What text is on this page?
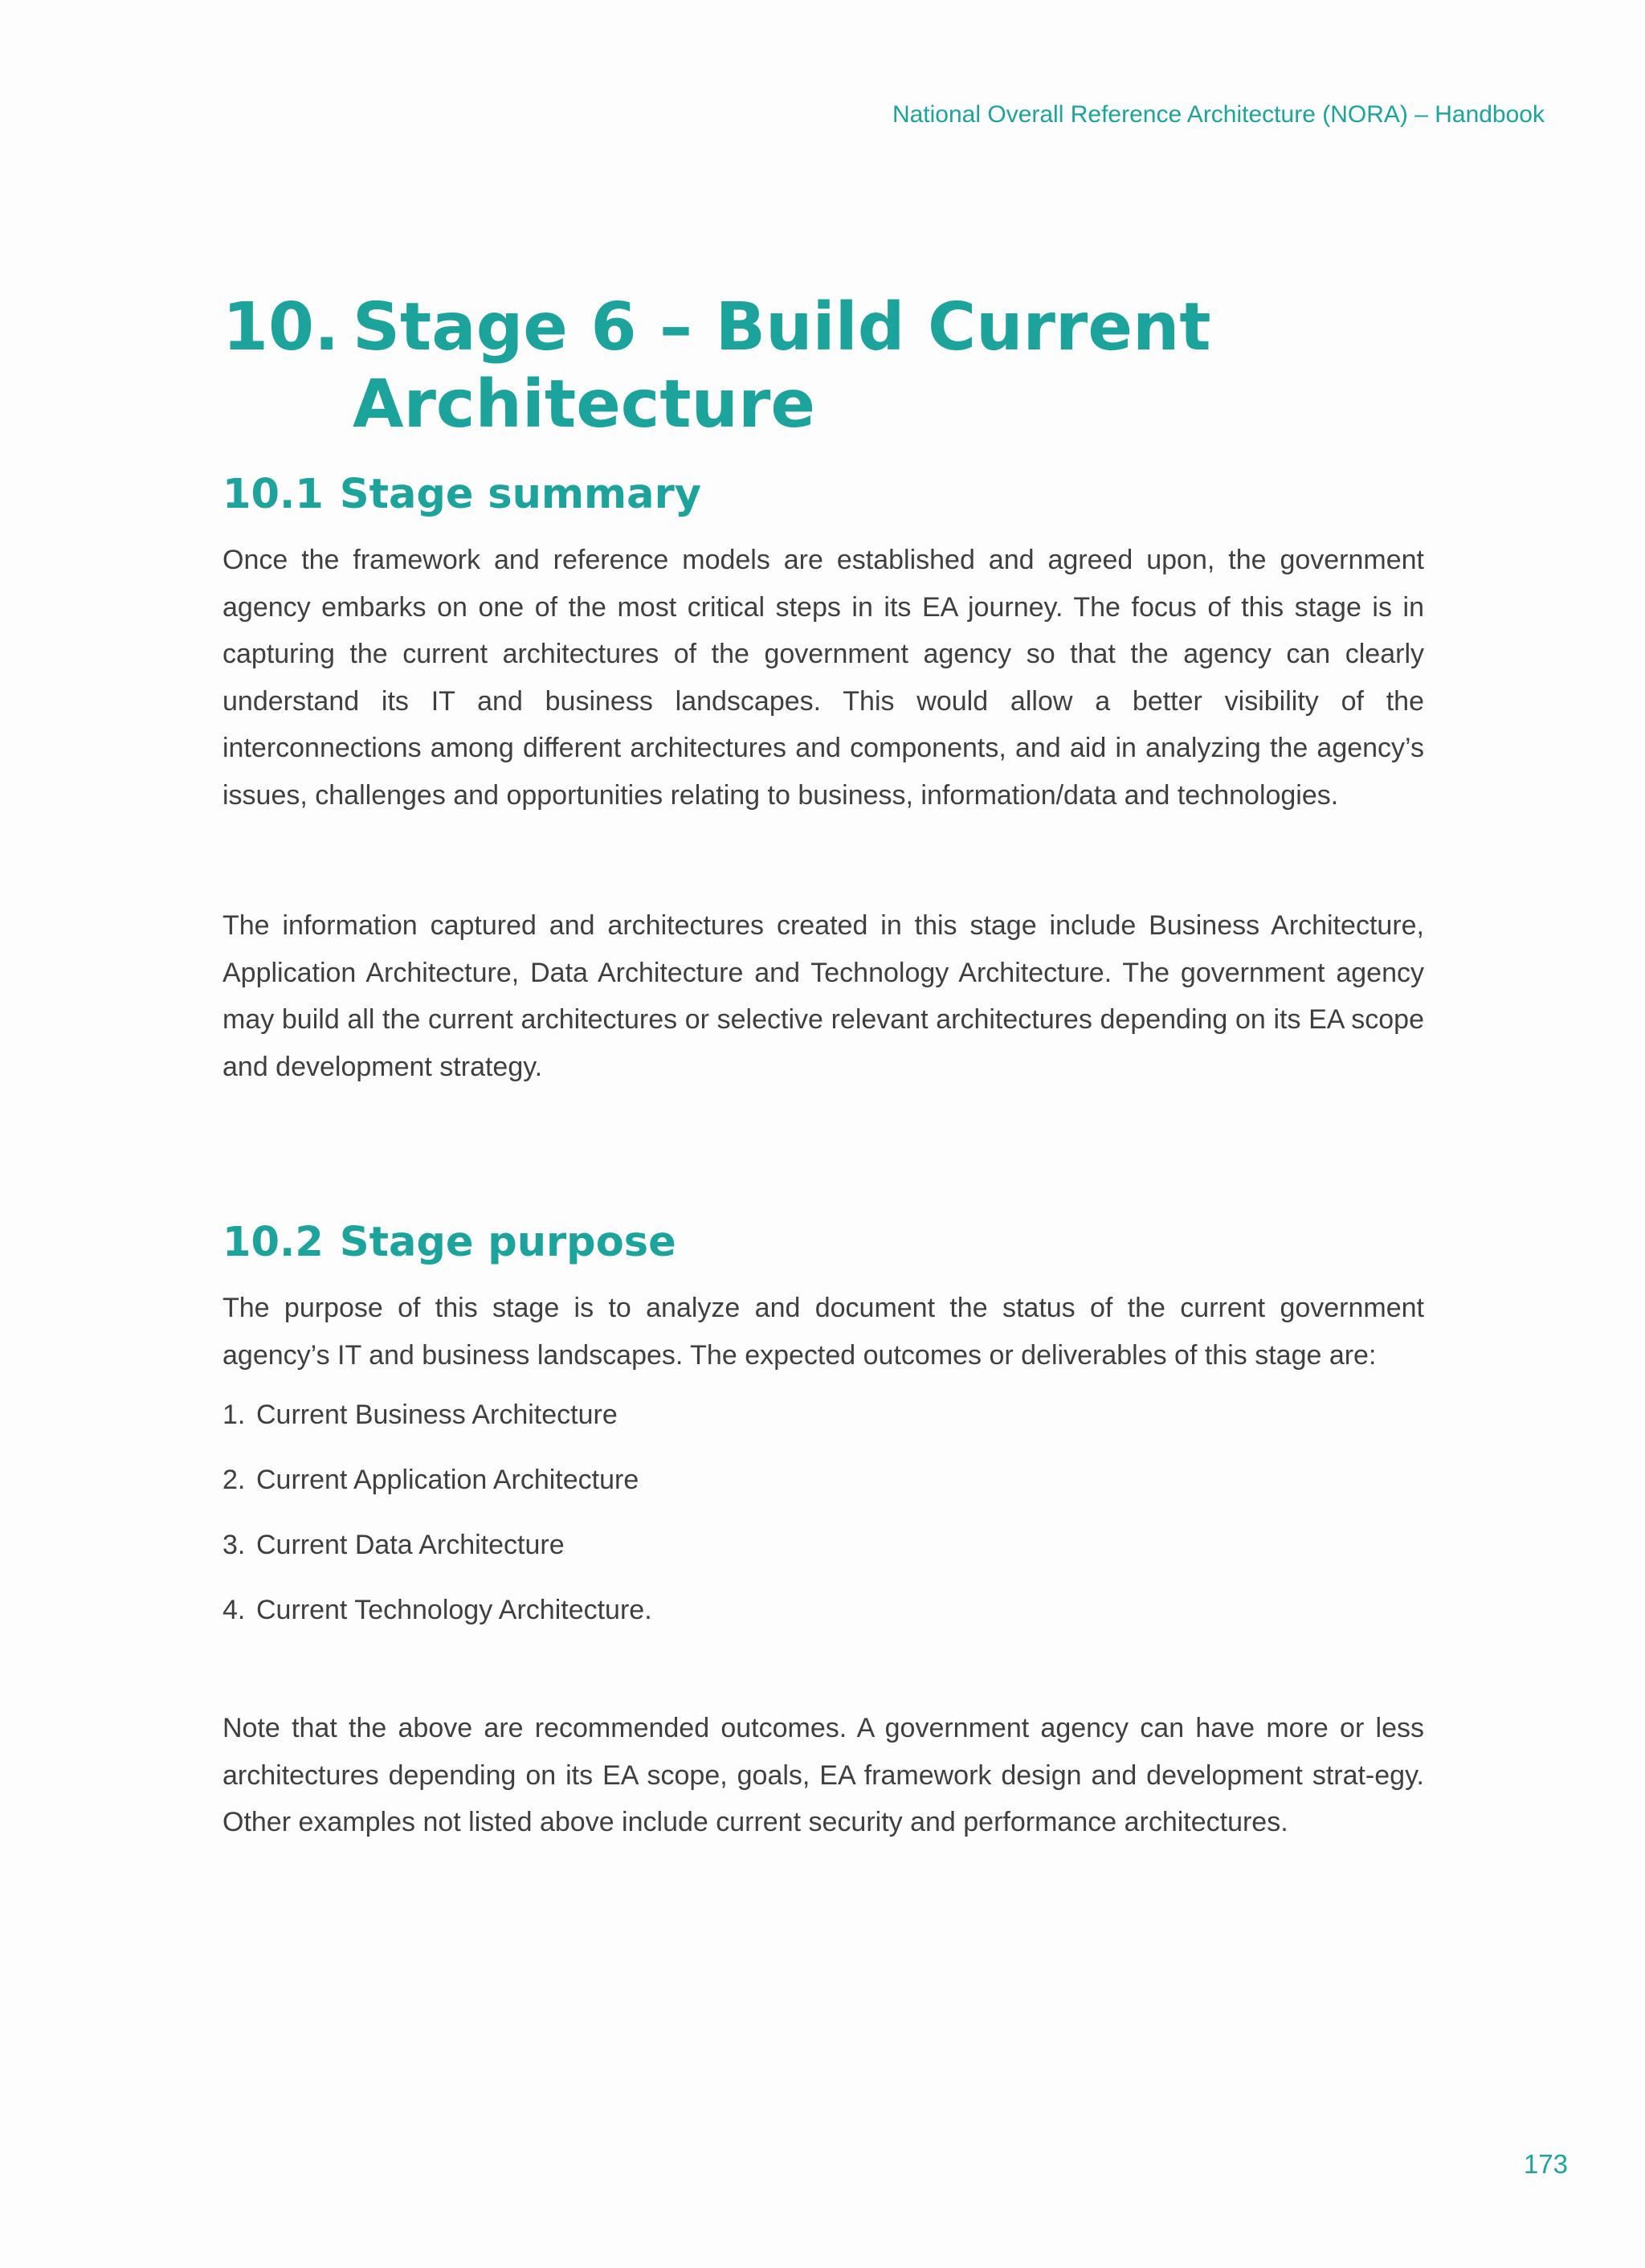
National Overall Reference Architecture (NORA) – Handbook
10. Stage 6 – Build Current Architecture
10.1 Stage summary

Once the framework and reference models are established and agreed upon, the government agency embarks on one of the most critical steps in its EA journey. The focus of this stage is in capturing the current architectures of the government agency so that the agency can clearly understand its IT and business landscapes. This would allow a better visibility of the interconnections among different architectures and components, and aid in analyzing the agency’s issues, challenges and opportunities relating to business, information/data and technologies.

The information captured and architectures created in this stage include Business Architecture, Application Architecture, Data Architecture and Technology Architecture. The government agency may build all the current architectures or selective relevant architectures depending on its EA scope and development strategy.

10.2 Stage purpose

The purpose of this stage is to analyze and document the status of the current government agency’s IT and business landscapes. The expected outcomes or deliverables of this stage are:

1. Current Business Architecture
2. Current Application Architecture
3. Current Data Architecture
4. Current Technology Architecture.

Note that the above are recommended outcomes. A government agency can have more or less architectures depending on its EA scope, goals, EA framework design and development strat-egy. Other examples not listed above include current security and performance architectures.

173
